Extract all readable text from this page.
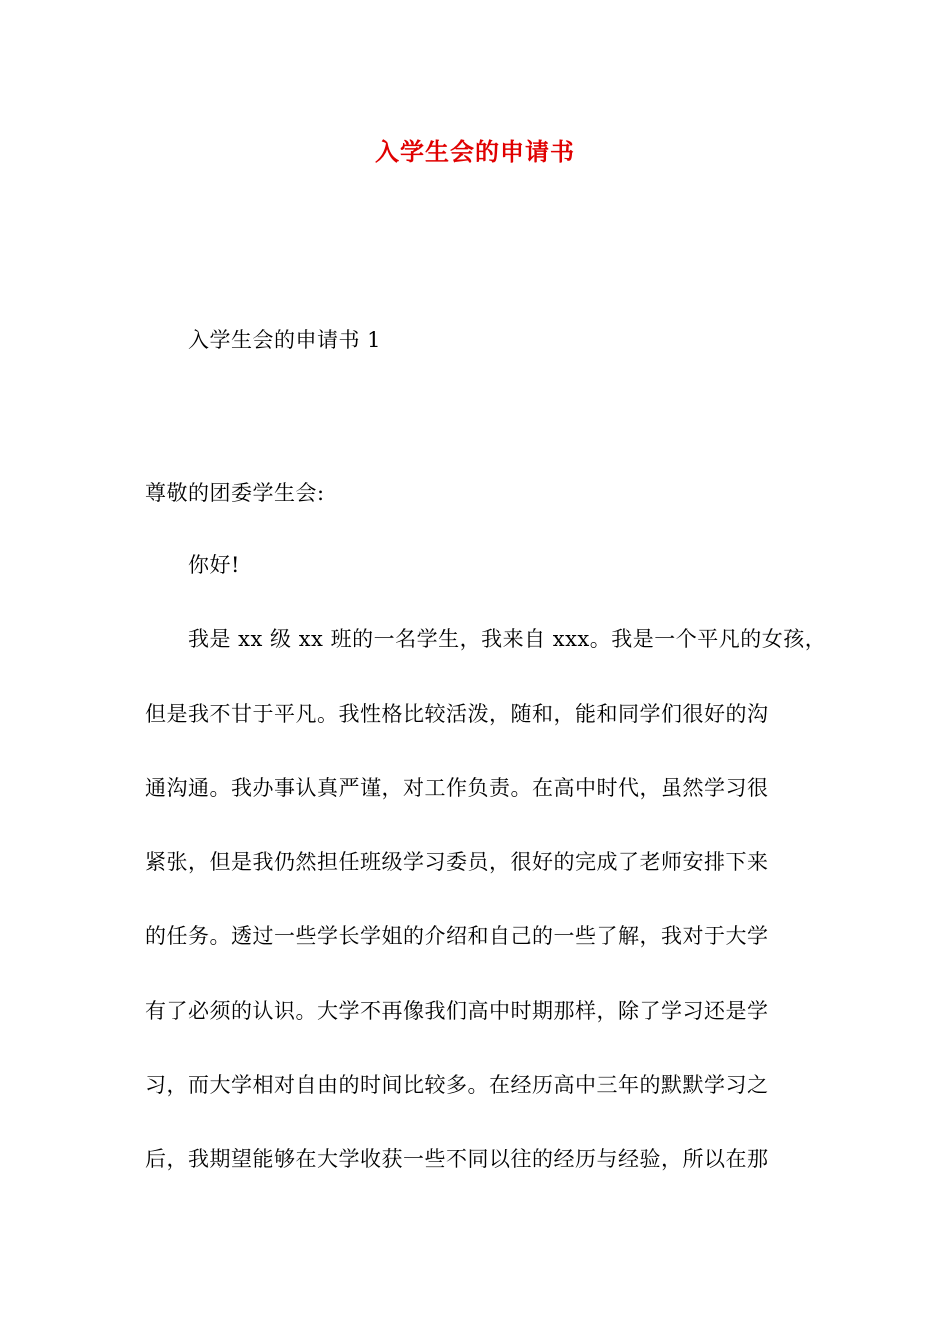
入学生会的申请书
入学生会的申请书 1
尊敬的团委学生会:
你好!
我是 xx 级 xx 班的一名学生，我来自 xxx。我是一个平凡的女孩，
但是我不甘于平凡。我性格比较活泼，随和，能和同学们很好的沟
通沟通。我办事认真严谨，对工作负责。在高中时代，虽然学习很
紧张，但是我仍然担任班级学习委员，很好的完成了老师安排下来
的任务。透过一些学长学姐的介绍和自己的一些了解，我对于大学
有了必须的认识。大学不再像我们高中时期那样，除了学习还是学
习，而大学相对自由的时间比较多。在经历高中三年的默默学习之
后，我期望能够在大学收获一些不同以往的经历与经验，所以在那
